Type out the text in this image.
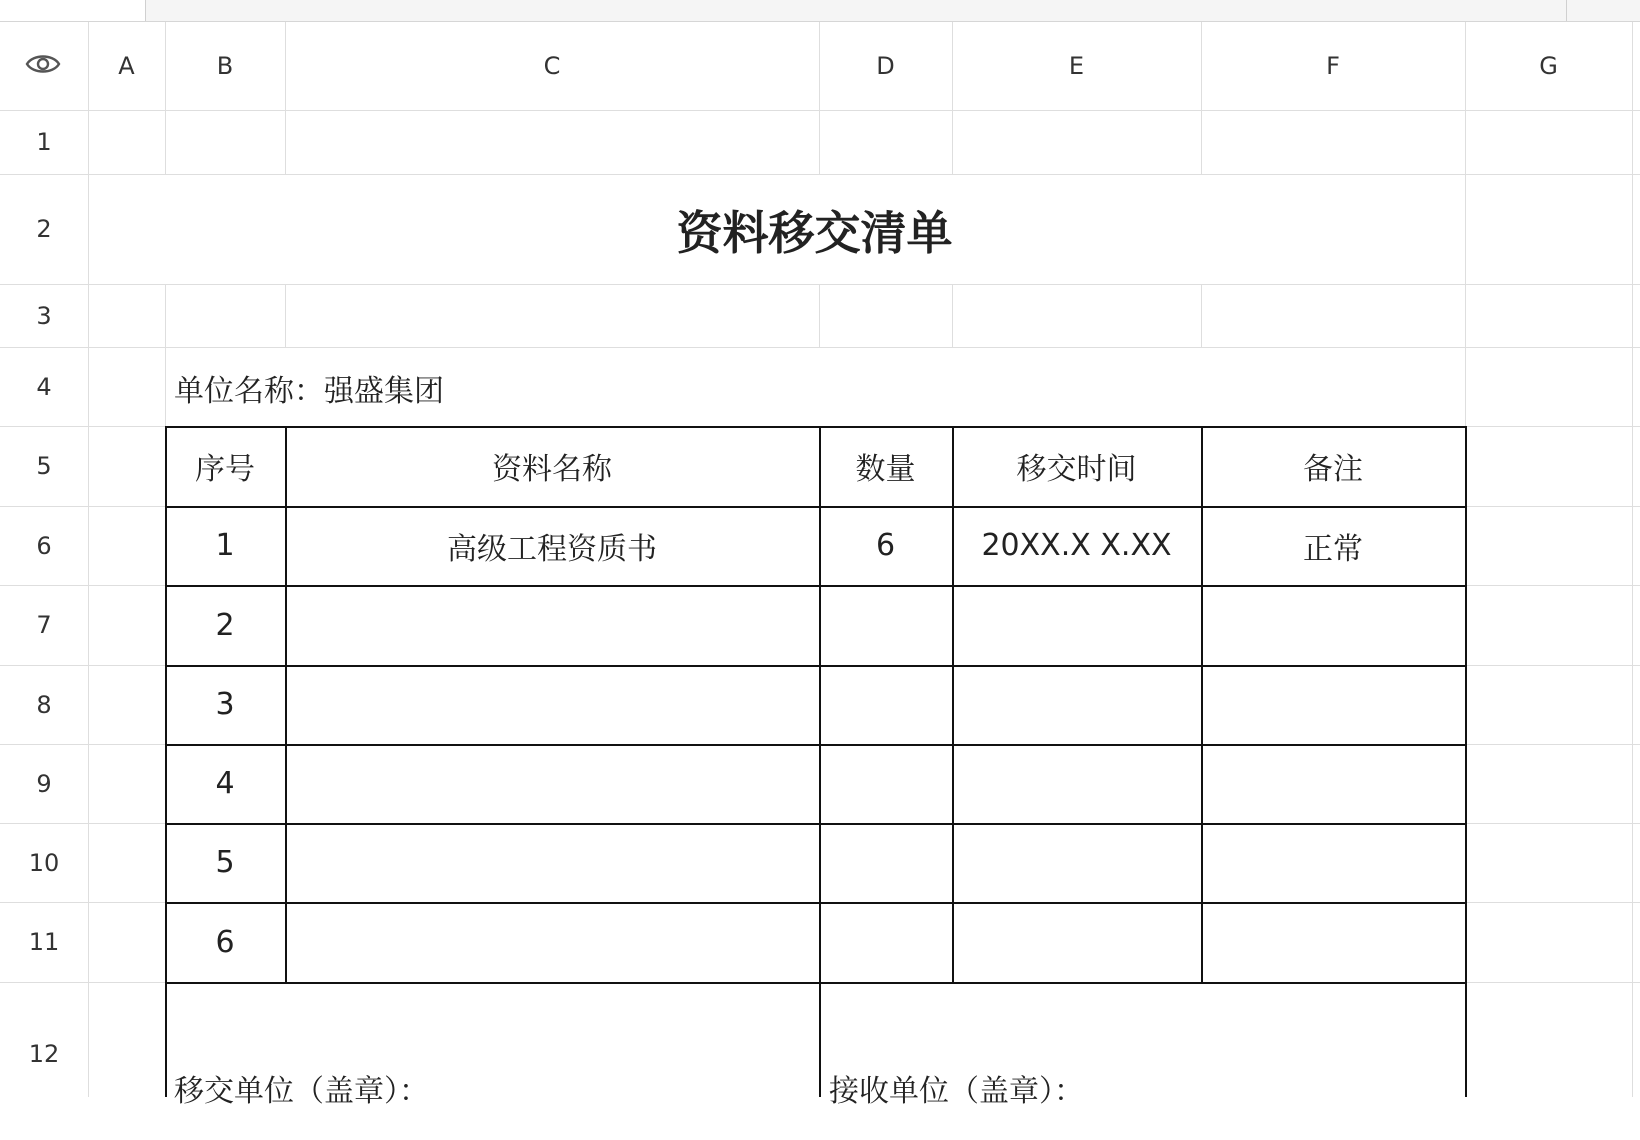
A	B	C	D	E	F	G
1
2
3
4
5
6
7
8
9
10
11
12
资料移交清单
单位名称：强盛集团
序号	资料名称	数量	移交时间	备注
1	高级工程资质书	6	20XX.X X.XX	正常
2
3
4
5
6
移交单位（盖章）：	接收单位（盖章）：
